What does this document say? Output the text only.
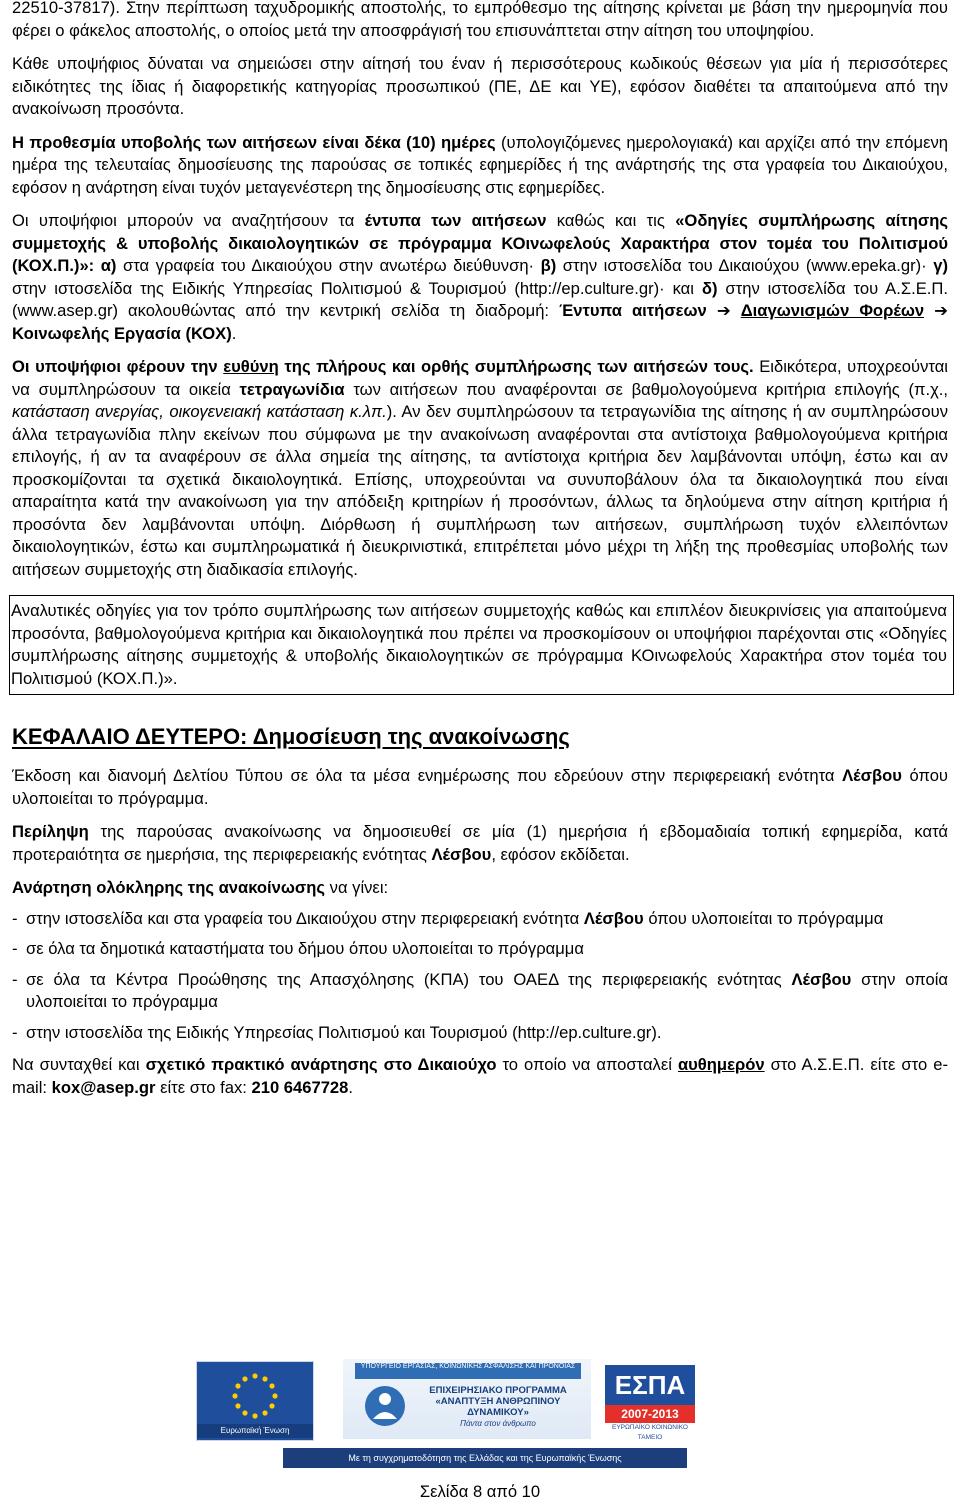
22510-37817). Στην περίπτωση ταχυδρομικής αποστολής, το εμπρόθεσμο της αίτησης κρίνεται με βάση την ημερομηνία που φέρει ο φάκελος αποστολής, ο οποίος μετά την αποσφράγισή του επισυνάπτεται στην αίτηση του υποψηφίου.

Κάθε υποψήφιος δύναται να σημειώσει στην αίτησή του έναν ή περισσότερους κωδικούς θέσεων για μία ή περισσότερες ειδικότητες της ίδιας ή διαφορετικής κατηγορίας προσωπικού (ΠΕ, ΔΕ και ΥΕ), εφόσον διαθέτει τα απαιτούμενα από την ανακοίνωση προσόντα.

Η προθεσμία υποβολής των αιτήσεων είναι δέκα (10) ημέρες (υπολογιζόμενες ημερολογιακά) και αρχίζει από την επόμενη ημέρα της τελευταίας δημοσίευσης της παρούσας σε τοπικές εφημερίδες ή της ανάρτησής της στα γραφεία του Δικαιούχου, εφόσον η ανάρτηση είναι τυχόν μεταγενέστερη της δημοσίευσης στις εφημερίδες.

Οι υποψήφιοι μπορούν να αναζητήσουν τα έντυπα των αιτήσεων καθώς και τις «Οδηγίες συμπλήρωσης αίτησης συμμετοχής & υποβολής δικαιολογητικών σε πρόγραμμα ΚΟινωφελούς Χαρακτήρα στον τομέα του Πολιτισμού (ΚΟΧ.Π.)»: α) στα γραφεία του Δικαιούχου στην ανωτέρω διεύθυνση· β) στην ιστοσελίδα του Δικαιούχου (www.epeka.gr)· γ) στην ιστοσελίδα της Ειδικής Υπηρεσίας Πολιτισμού & Τουρισμού (http://ep.culture.gr)· και δ) στην ιστοσελίδα του Α.Σ.Ε.Π. (www.asep.gr) ακολουθώντας από την κεντρική σελίδα τη διαδρομή: Έντυπα αιτήσεων ➔ Διαγωνισμών Φορέων ➔ Κοινωφελής Εργασία (ΚΟΧ).

Οι υποψήφιοι φέρουν την ευθύνη της πλήρους και ορθής συμπλήρωσης των αιτήσεών τους. Ειδικότερα, υποχρεούνται να συμπληρώσουν τα οικεία τετραγωνίδια των αιτήσεων που αναφέρονται σε βαθμολογούμενα κριτήρια επιλογής (π.χ., κατάσταση ανεργίας, οικογενειακή κατάσταση κ.λπ.). Αν δεν συμπληρώσουν τα τετραγωνίδια της αίτησης ή αν συμπληρώσουν άλλα τετραγωνίδια πλην εκείνων που σύμφωνα με την ανακοίνωση αναφέρονται στα αντίστοιχα βαθμολογούμενα κριτήρια επιλογής, ή αν τα αναφέρουν σε άλλα σημεία της αίτησης, τα αντίστοιχα κριτήρια δεν λαμβάνονται υπόψη, έστω και αν προσκομίζονται τα σχετικά δικαιολογητικά. Επίσης, υποχρεούνται να συνυποβάλουν όλα τα δικαιολογητικά που είναι απαραίτητα κατά την ανακοίνωση για την απόδειξη κριτηρίων ή προσόντων, άλλως τα δηλούμενα στην αίτηση κριτήρια ή προσόντα δεν λαμβάνονται υπόψη. Διόρθωση ή συμπλήρωση των αιτήσεων, συμπλήρωση τυχόν ελλειπόντων δικαιολογητικών, έστω και συμπληρωματικά ή διευκρινιστικά, επιτρέπεται μόνο μέχρι τη λήξη της προθεσμίας υποβολής των αιτήσεων συμμετοχής στη διαδικασία επιλογής.

Αναλυτικές οδηγίες για τον τρόπο συμπλήρωσης των αιτήσεων συμμετοχής καθώς και επιπλέον διευκρινίσεις για απαιτούμενα προσόντα, βαθμολογούμενα κριτήρια και δικαιολογητικά που πρέπει να προσκομίσουν οι υποψήφιοι παρέχονται στις «Οδηγίες συμπλήρωσης αίτησης συμμετοχής & υποβολής δικαιολογητικών σε πρόγραμμα ΚΟινωφελούς Χαρακτήρα στον τομέα του Πολιτισμού (ΚΟΧ.Π.)».

ΚΕΦΑΛΑΙΟ ΔΕΥΤΕΡΟ: Δημοσίευση της ανακοίνωσης

Έκδοση και διανομή Δελτίου Τύπου σε όλα τα μέσα ενημέρωσης που εδρεύουν στην περιφερειακή ενότητα Λέσβου όπου υλοποιείται το πρόγραμμα.

Περίληψη της παρούσας ανακοίνωσης να δημοσιευθεί σε μία (1) ημερήσια ή εβδομαδιαία τοπική εφημερίδα, κατά προτεραιότητα σε ημερήσια, της περιφερειακής ενότητας Λέσβου, εφόσον εκδίδεται.

Ανάρτηση ολόκληρης της ανακοίνωσης να γίνει:

- στην ιστοσελίδα και στα γραφεία του Δικαιούχου στην περιφερειακή ενότητα Λέσβου όπου υλοποιείται το πρόγραμμα
- σε όλα τα δημοτικά καταστήματα του δήμου όπου υλοποιείται το πρόγραμμα
- σε όλα τα Κέντρα Προώθησης της Απασχόλησης (ΚΠΑ) του ΟΑΕΔ της περιφερειακής ενότητας Λέσβου στην οποία υλοποιείται το πρόγραμμα
- στην ιστοσελίδα της Ειδικής Υπηρεσίας Πολιτισμού και Τουρισμού (http://ep.culture.gr).

Να συνταχθεί και σχετικό πρακτικό ανάρτησης στο Δικαιούχο το οποίο να αποσταλεί αυθημερόν στο Α.Σ.Ε.Π. είτε στο e-mail: kox@asep.gr είτε στο fax: 210 6467728.

Ευρωπαϊκή Ένωση
ΥΠΟΥΡΓΕΙΟ ΕΡΓΑΣΙΑΣ, ΚΟΙΝΩΝΙΚΗΣ ΑΣΦΑΛΙΣΗΣ ΚΑΙ ΠΡΟΝΟΙΑΣ
ΕΠΙΧΕΙΡΗΣΙΑΚΟ ΠΡΟΓΡΑΜΜΑ «ΑΝΑΠΤΥΞΗ ΑΝΘΡΩΠΙΝΟΥ ΔΥΝΑΜΙΚΟΥ»
Πάντα στον άνθρωπο
ΕΣΠΑ
2007-2013
ΕΥΡΩΠΑΪΚΟ ΚΟΙΝΩΝΙΚΟ ΤΑΜΕΙΟ
Με τη συγχρηματοδότηση της Ελλάδας και της Ευρωπαϊκής Ένωσης
Σελίδα 8 από 10
